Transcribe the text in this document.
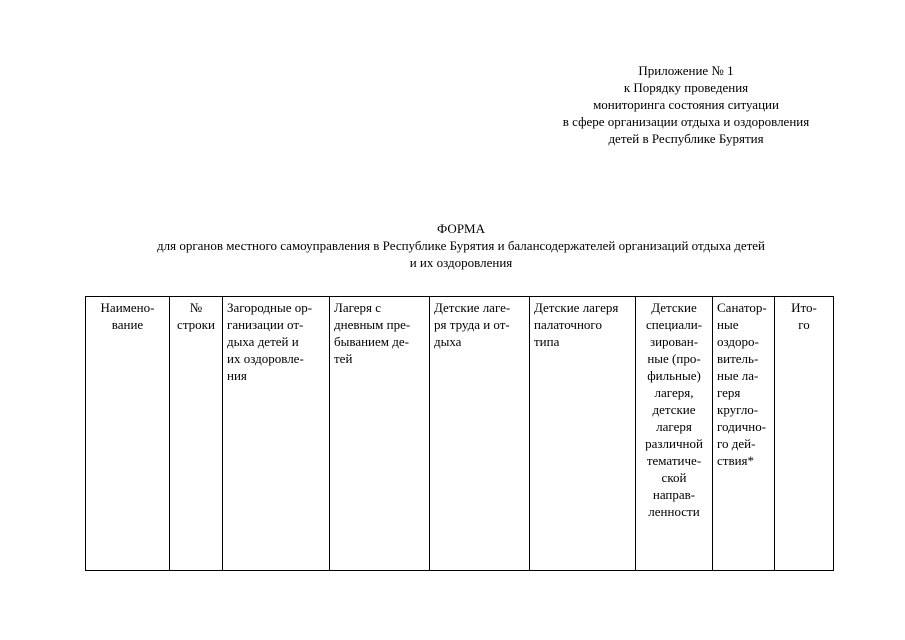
Приложение № 1
к Порядку проведения
мониторинга состояния ситуации
в сфере организации отдыха и оздоровления
детей в Республике Бурятия
ФОРМА
для органов местного самоуправления в Республике Бурятия и балансодержателей организаций отдыха детей
и их оздоровления
Наимено-
вание

№
строки

Загородные ор-
ганизации от-
дыха детей и
их оздоровле-
ния

Лагеря с
дневным пре-
быванием де-
тей

Детские лаге-
ря труда и от-
дыха

Детские лагеря
палаточного
типа

Детские
специали-
зирован-
ные (про-
фильные)
лагеря,
детские
лагеря
различной
тематиче-
ской
направ-
ленности

Санатор-
ные
оздоро-
витель-
ные ла-
геря
кругло-
годично-
го дей-
ствия*

Ито-
го
